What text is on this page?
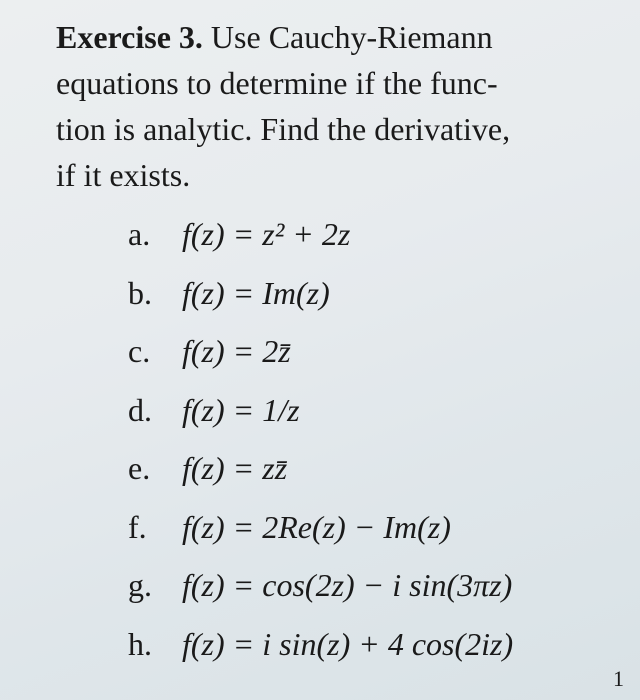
Exercise 3. Use Cauchy-Riemann
equations to determine if the func-
tion is analytic. Find the derivative,
if it exists.
a. f(z) = z² + 2z
b. f(z) = Im(z)
c. f(z) = 2z̄
d. f(z) = 1/z
e. f(z) = zz̄
f. f(z) = 2Re(z) − Im(z)
g. f(z) = cos(2z) − i sin(3πz)
h. f(z) = i sin(z) + 4 cos(2iz)
1
